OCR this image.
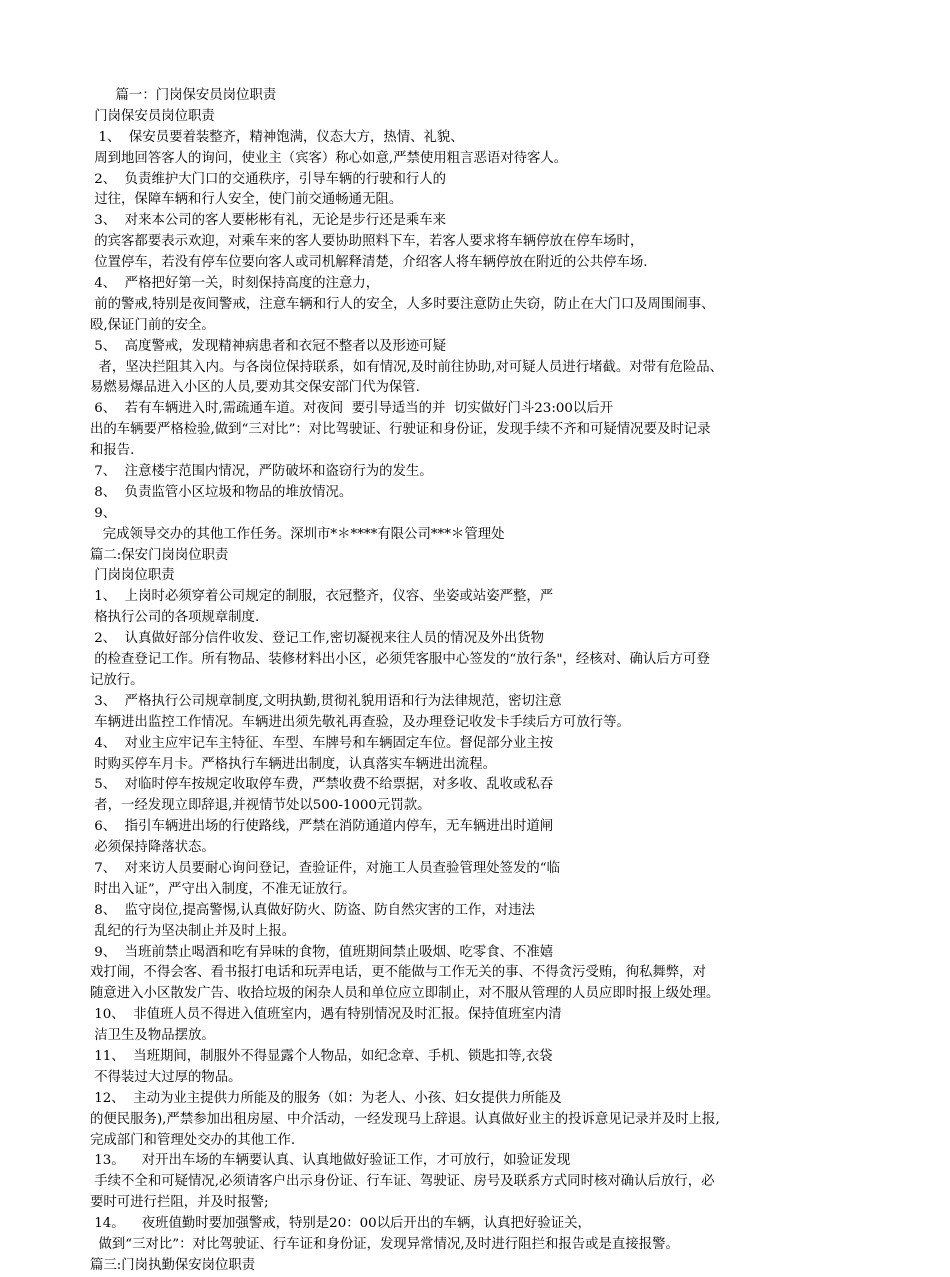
篇一：门岗保安员岗位职责
门岗保安员岗位职责
1、  保安员要着装整齐，精神饱满，仪态大方，热情、礼貌、
周到地回答客人的询问，使业主（宾客）称心如意,严禁使用粗言恶语对待客人。
2、  负责维护大门口的交通秩序，引导车辆的行驶和行人的
过往，保障车辆和行人安全，使门前交通畅通无阻。
3、  对来本公司的客人要彬彬有礼，无论是步行还是乘车来
的宾客都要表示欢迎，对乘车来的客人要协助照料下车，若客人要求将车辆停放在停车场时，
位置停车，若没有停车位要向客人或司机解释清楚，介绍客人将车辆停放在附近的公共停车场.
4、  严格把好第一关，时刻保持高度的注意力，
前的警戒,特别是夜间警戒，注意车辆和行人的安全，人多时要注意防止失窃，防止在大门口及周围闹事、
殴,保证门前的安全。
5、  高度警戒，发现精神病患者和衣冠不整者以及形迹可疑
者，坚决拦阻其入内。与各岗位保持联系，如有情况,及时前往协助,对可疑人员进行堵截。对带有危险品、
易燃易爆品进入小区的人员,要劝其交保安部门代为保管.
6、  若有车辆进入时,需疏通车道。对夜间  要引导适当的并  切实做好门斗23:00以后开
出的车辆要严格检验,做到“三对比”：对比驾驶证、行驶证和身份证，发现手续不齐和可疑情况要及时记录
和报告.
7、  注意楼宇范围内情况，严防破坏和盗窃行为的发生。
8、  负责监管小区垃圾和物品的堆放情况。
9、
完成领导交办的其他工作任务。深圳市*＊****有限公司***＊管理处
篇二:保安门岗岗位职责
门岗岗位职责
1、  上岗时必须穿着公司规定的制服，衣冠整齐，仪容、坐姿或站姿严整，严
格执行公司的各项规章制度.
2、  认真做好部分信件收发、登记工作,密切凝视来往人员的情况及外出货物
的检查登记工作。所有物品、装修材料出小区，必须凭客服中心签发的“放行条"，经核对、确认后方可登
记放行。
3、  严格执行公司规章制度,文明执勤,贯彻礼貌用语和行为法律规范，密切注意
车辆进出监控工作情况。车辆进出须先敬礼再查验，及办理登记收发卡手续后方可放行等。
4、  对业主应牢记车主特征、车型、车牌号和车辆固定车位。督促部分业主按
时购买停车月卡。严格执行车辆进出制度，认真落实车辆进出流程。
5、  对临时停车按规定收取停车费，严禁收费不给票据，对多收、乱收或私吞
者，一经发现立即辞退,并视情节处以500-1000元罚款。
6、  指引车辆进出场的行使路线，严禁在消防通道内停车，无车辆进出时道闸
必须保持降落状态。
7、  对来访人员要耐心询问登记，查验证件，对施工人员查验管理处签发的“临
时出入证”，严守出入制度，不准无证放行。
8、  监守岗位,提高警惕,认真做好防火、防盗、防自然灾害的工作，对违法
乱纪的行为坚决制止并及时上报。
9、  当班前禁止喝酒和吃有异味的食物，值班期间禁止吸烟、吃零食、不准嬉
戏打闹，不得会客、看书报打电话和玩弄电话，更不能做与工作无关的事、不得贪污受贿，徇私舞弊，对
随意进入小区散发广告、收拾垃圾的闲杂人员和单位应立即制止，对不服从管理的人员应即时报上级处理。
10、  非值班人员不得进入值班室内，遇有特别情况及时汇报。保持值班室内清
洁卫生及物品摆放。
11、  当班期间，制服外不得显露个人物品，如纪念章、手机、锁匙扣等,衣袋
不得装过大过厚的物品。
12、  主动为业主提供力所能及的服务（如：为老人、小孩、妇女提供力所能及
的便民服务),严禁参加出租房屋、中介活动，一经发现马上辞退。认真做好业主的投诉意见记录并及时上报,
完成部门和管理处交办的其他工作.
13。    对开出车场的车辆要认真、认真地做好验证工作，才可放行，如验证发现
手续不全和可疑情况,必须请客户出示身份证、行车证、驾驶证、房号及联系方式同时核对确认后放行，必
要时可进行拦阻，并及时报警;
14。    夜班值勤时要加强警戒，特别是20：00以后开出的车辆，认真把好验证关，
做到“三对比”：对比驾驶证、行车证和身份证，发现异常情况,及时进行阻拦和报告或是直接报警。
篇三:门岗执勤保安岗位职责
